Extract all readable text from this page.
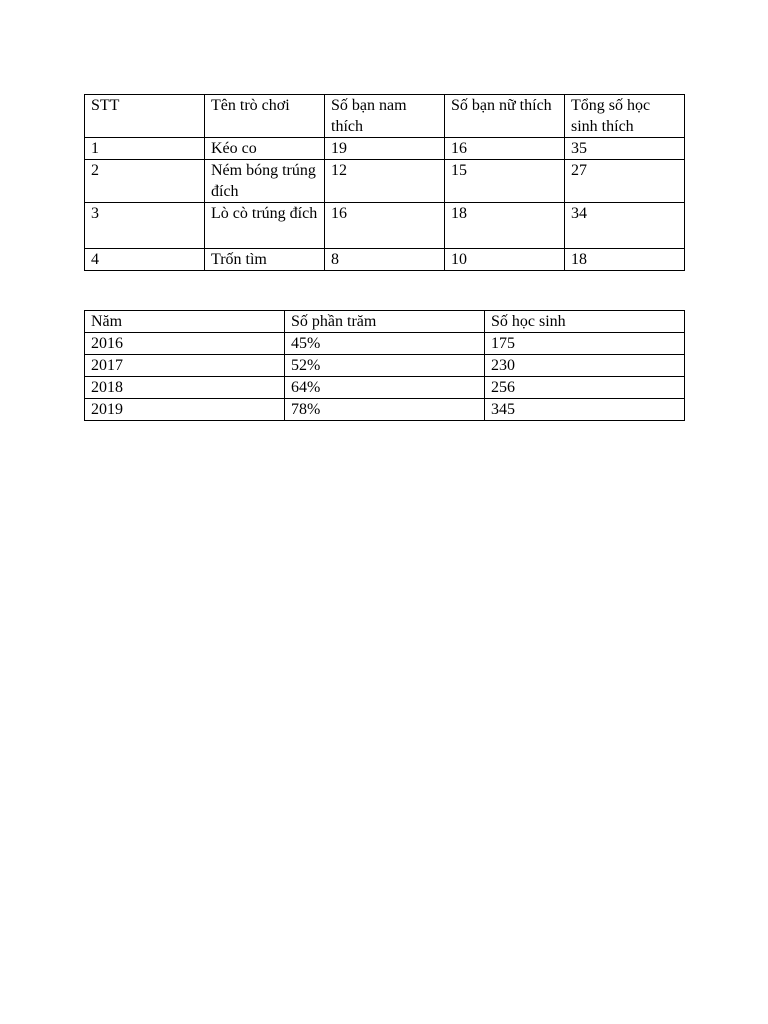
STT	Tên trò chơi	Số bạn nam thích	Số bạn nữ thích	Tổng số học sinh thích
1	Kéo co	19	16	35
2	Ném bóng trúng đích	12	15	27
3	Lò cò trúng đích	16	18	34
4	Trốn tìm	8	10	18
Năm	Số phần trăm	Số học sinh
2016	45%	175
2017	52%	230
2018	64%	256
2019	78%	345
